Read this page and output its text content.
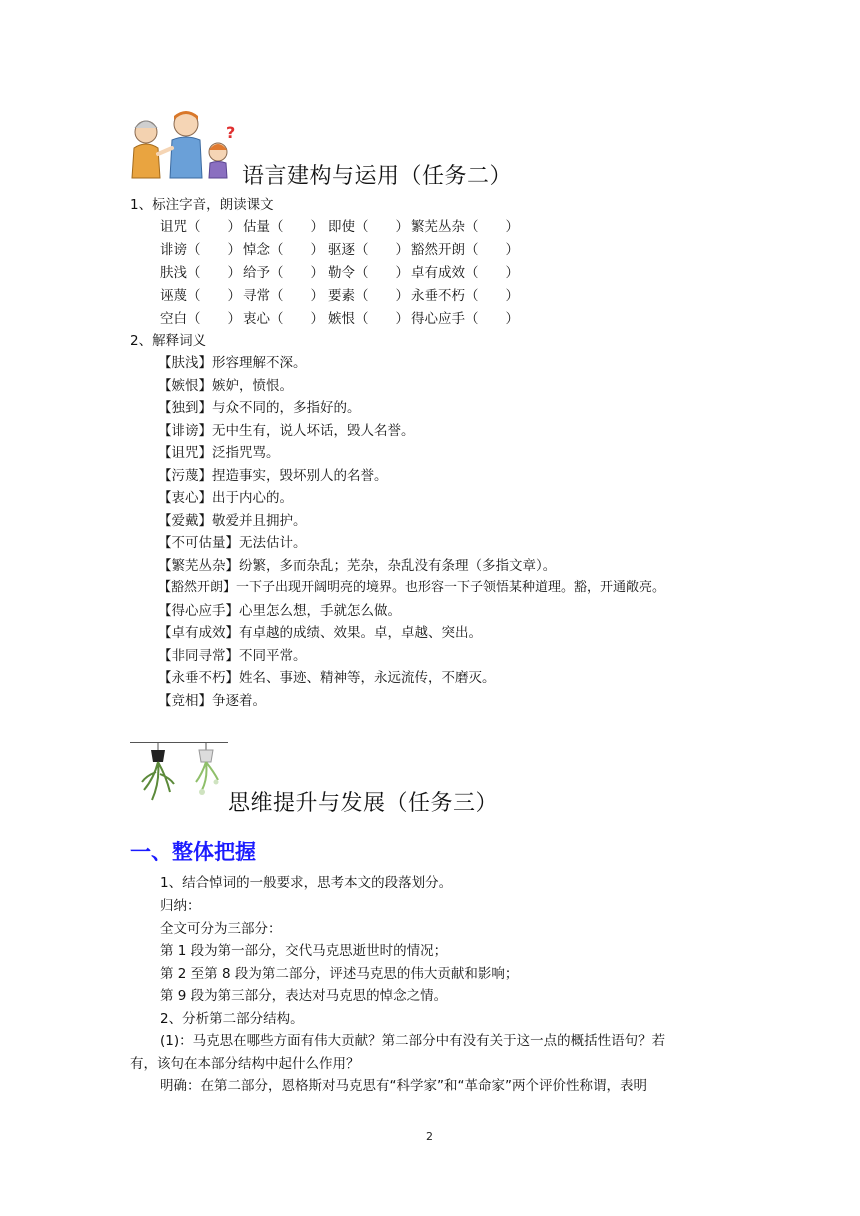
?
语言建构与运用（任务二）
1、标注字音，朗读课文
诅咒（　　） 估量（　　） 即使（　　） 繁芜丛杂（　　）
诽谤（　　） 悼念（　　） 驱逐（　　） 豁然开朗（　　）
肤浅（　　） 给予（　　） 勒令（　　） 卓有成效（　　）
诬蔑（　　） 寻常（　　） 要素（　　） 永垂不朽（　　）
空白（　　） 衷心（　　） 嫉恨（　　） 得心应手（　　）
2、解释词义
【肤浅】形容理解不深。
【嫉恨】嫉妒，愤恨。
【独到】与众不同的，多指好的。
【诽谤】无中生有，说人坏话，毁人名誉。
【诅咒】泛指咒骂。
【污蔑】捏造事实，毁坏别人的名誉。
【衷心】出于内心的。
【爱戴】敬爱并且拥护。
【不可估量】无法估计。
【繁芜丛杂】纷繁，多而杂乱；芜杂，杂乱没有条理（多指文章）。
【豁然开朗】一下子出现开阔明亮的境界。也形容一下子领悟某种道理。豁，开通敞亮。
【得心应手】心里怎么想，手就怎么做。
【卓有成效】有卓越的成绩、效果。卓，卓越、突出。
【非同寻常】不同平常。
【永垂不朽】姓名、事迹、精神等，永远流传，不磨灭。
【竞相】争逐着。
思维提升与发展（任务三）
一、整体把握
1、结合悼词的一般要求，思考本文的段落划分。
归纳：
全文可分为三部分：
第 1 段为第一部分，交代马克思逝世时的情况；
第 2 至第 8 段为第二部分，评述马克思的伟大贡献和影响；
第 9 段为第三部分，表达对马克思的悼念之情。
2、分析第二部分结构。
(1)：马克思在哪些方面有伟大贡献？第二部分中有没有关于这一点的概括性语句？若
有，该句在本部分结构中起什么作用？
明确：在第二部分，恩格斯对马克思有“科学家”和“革命家”两个评价性称谓，表明
2
